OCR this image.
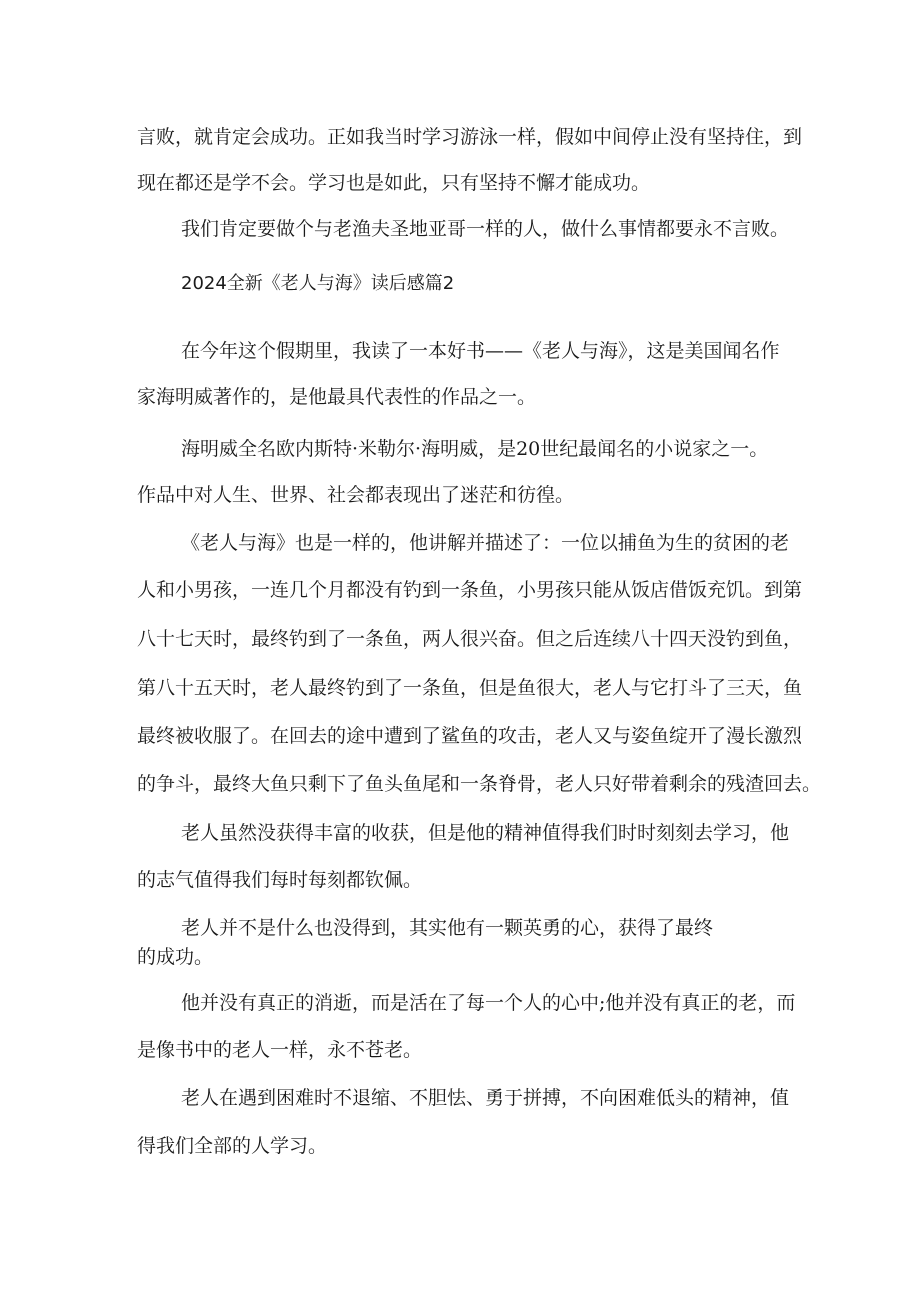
言败，就肯定会成功。正如我当时学习游泳一样，假如中间停止没有坚持住，到

现在都还是学不会。学习也是如此，只有坚持不懈才能成功。

我们肯定要做个与老渔夫圣地亚哥一样的人，做什么事情都要永不言败。

2024全新《老人与海》读后感篇2

在今年这个假期里，我读了一本好书——《老人与海》，这是美国闻名作

家海明威著作的，是他最具代表性的作品之一。

海明威全名欧内斯特·米勒尔·海明威，是20世纪最闻名的小说家之一。

作品中对人生、世界、社会都表现出了迷茫和彷徨。

《老人与海》也是一样的，他讲解并描述了：一位以捕鱼为生的贫困的老

人和小男孩，一连几个月都没有钓到一条鱼，小男孩只能从饭店借饭充饥。到第

八十七天时，最终钓到了一条鱼，两人很兴奋。但之后连续八十四天没钓到鱼，

第八十五天时，老人最终钓到了一条鱼，但是鱼很大，老人与它打斗了三天，鱼

最终被收服了。在回去的途中遭到了鲨鱼的攻击，老人又与姿鱼绽开了漫长激烈

的争斗，最终大鱼只剩下了鱼头鱼尾和一条脊骨，老人只好带着剩余的残渣回去。

老人虽然没获得丰富的收获，但是他的精神值得我们时时刻刻去学习，他

的志气值得我们每时每刻都钦佩。

老人并不是什么也没得到，其实他有一颗英勇的心，获得了最终

的成功。

他并没有真正的消逝，而是活在了每一个人的心中;他并没有真正的老，而

是像书中的老人一样，永不苍老。

老人在遇到困难时不退缩、不胆怯、勇于拼搏，不向困难低头的精神，值

得我们全部的人学习。
